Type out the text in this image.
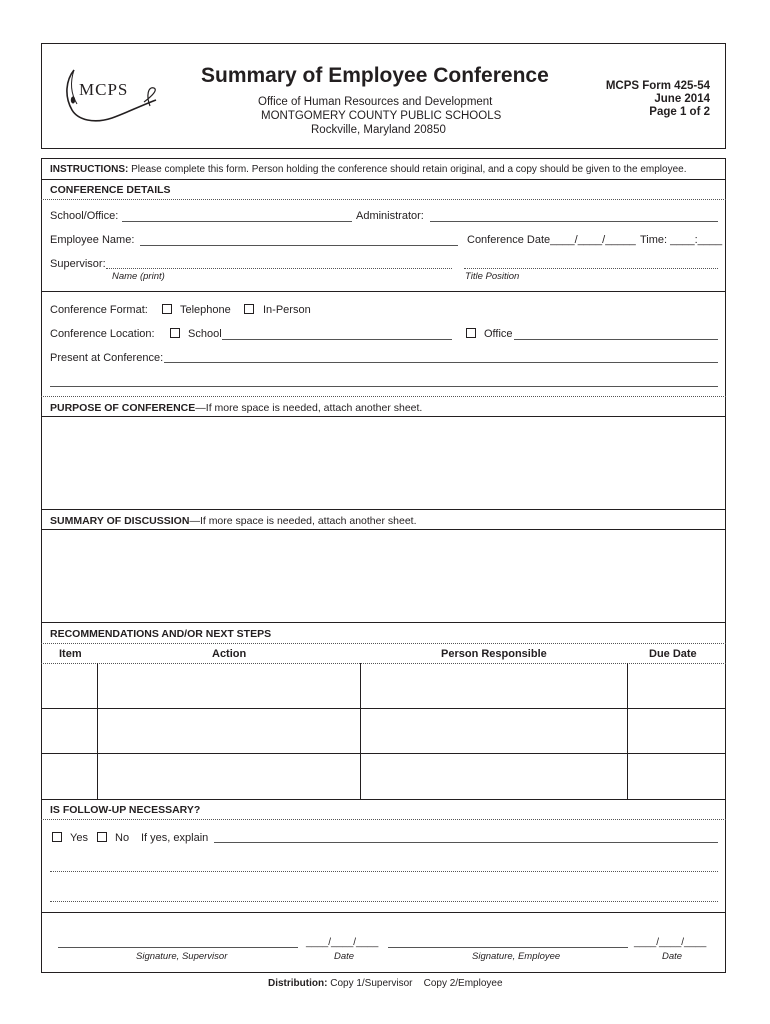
MCPS
Summary of Employee Conference
Office of Human Resources and Development
MONTGOMERY COUNTY PUBLIC SCHOOLS
Rockville, Maryland 20850
MCPS Form 425-54
June 2014
Page 1 of 2
INSTRUCTIONS: Please complete this form. Person holding the conference should retain original, and a copy should be given to the employee.
CONFERENCE DETAILS
School/Office:	Administrator:
Employee Name:	Conference Date____/____/_____ Time: ____:____
Supervisor:
Name (print)	Title Position
Conference Format:	Telephone	In-Person
Conference Location:	School	Office
Present at Conference:
PURPOSE OF CONFERENCE—If more space is needed, attach another sheet.
SUMMARY OF DISCUSSION—If more space is needed, attach another sheet.
RECOMMENDATIONS AND/OR NEXT STEPS
Item	Action	Person Responsible	Due Date
IS FOLLOW-UP NECESSARY?
Yes No If yes, explain
____/____/____	____/____/____
Signature, Supervisor	Date	Signature, Employee	Date
Distribution: Copy 1/Supervisor    Copy 2/Employee
